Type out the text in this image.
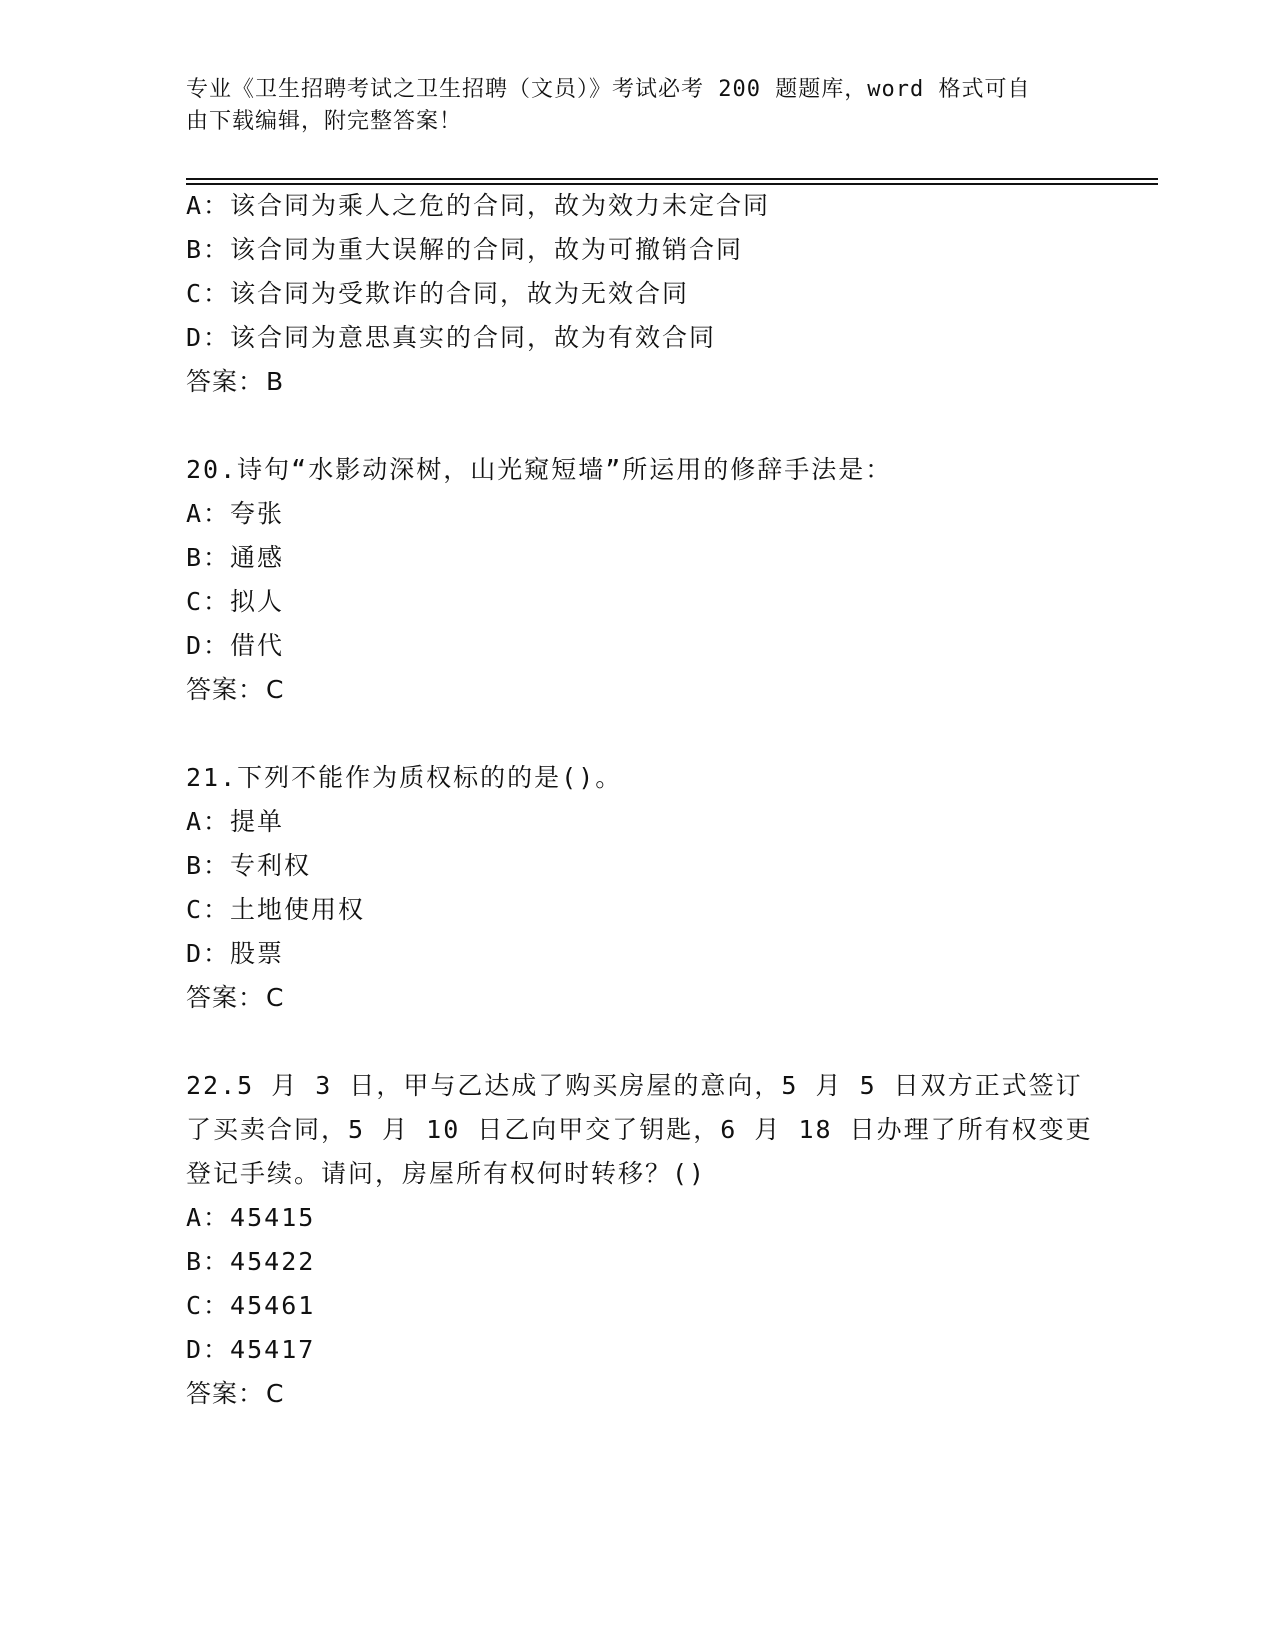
专业《卫生招聘考试之卫生招聘（文员）》考试必考 200 题题库，word 格式可自
由下载编辑，附完整答案！
A：该合同为乘人之危的合同，故为效力未定合同
B：该合同为重大误解的合同，故为可撤销合同
C：该合同为受欺诈的合同，故为无效合同
D：该合同为意思真实的合同，故为有效合同
答案：B
20.诗句“水影动深树，山光窥短墙”所运用的修辞手法是：
A：夸张
B：通感
C：拟人
D：借代
答案：C
21.下列不能作为质权标的的是()。
A：提单
B：专利权
C：土地使用权
D：股票
答案：C
22.5 月 3 日，甲与乙达成了购买房屋的意向，5 月 5 日双方正式签订
了买卖合同，5 月 10 日乙向甲交了钥匙，6 月 18 日办理了所有权变更
登记手续。请问，房屋所有权何时转移？()
A：45415
B：45422
C：45461
D：45417
答案：C
